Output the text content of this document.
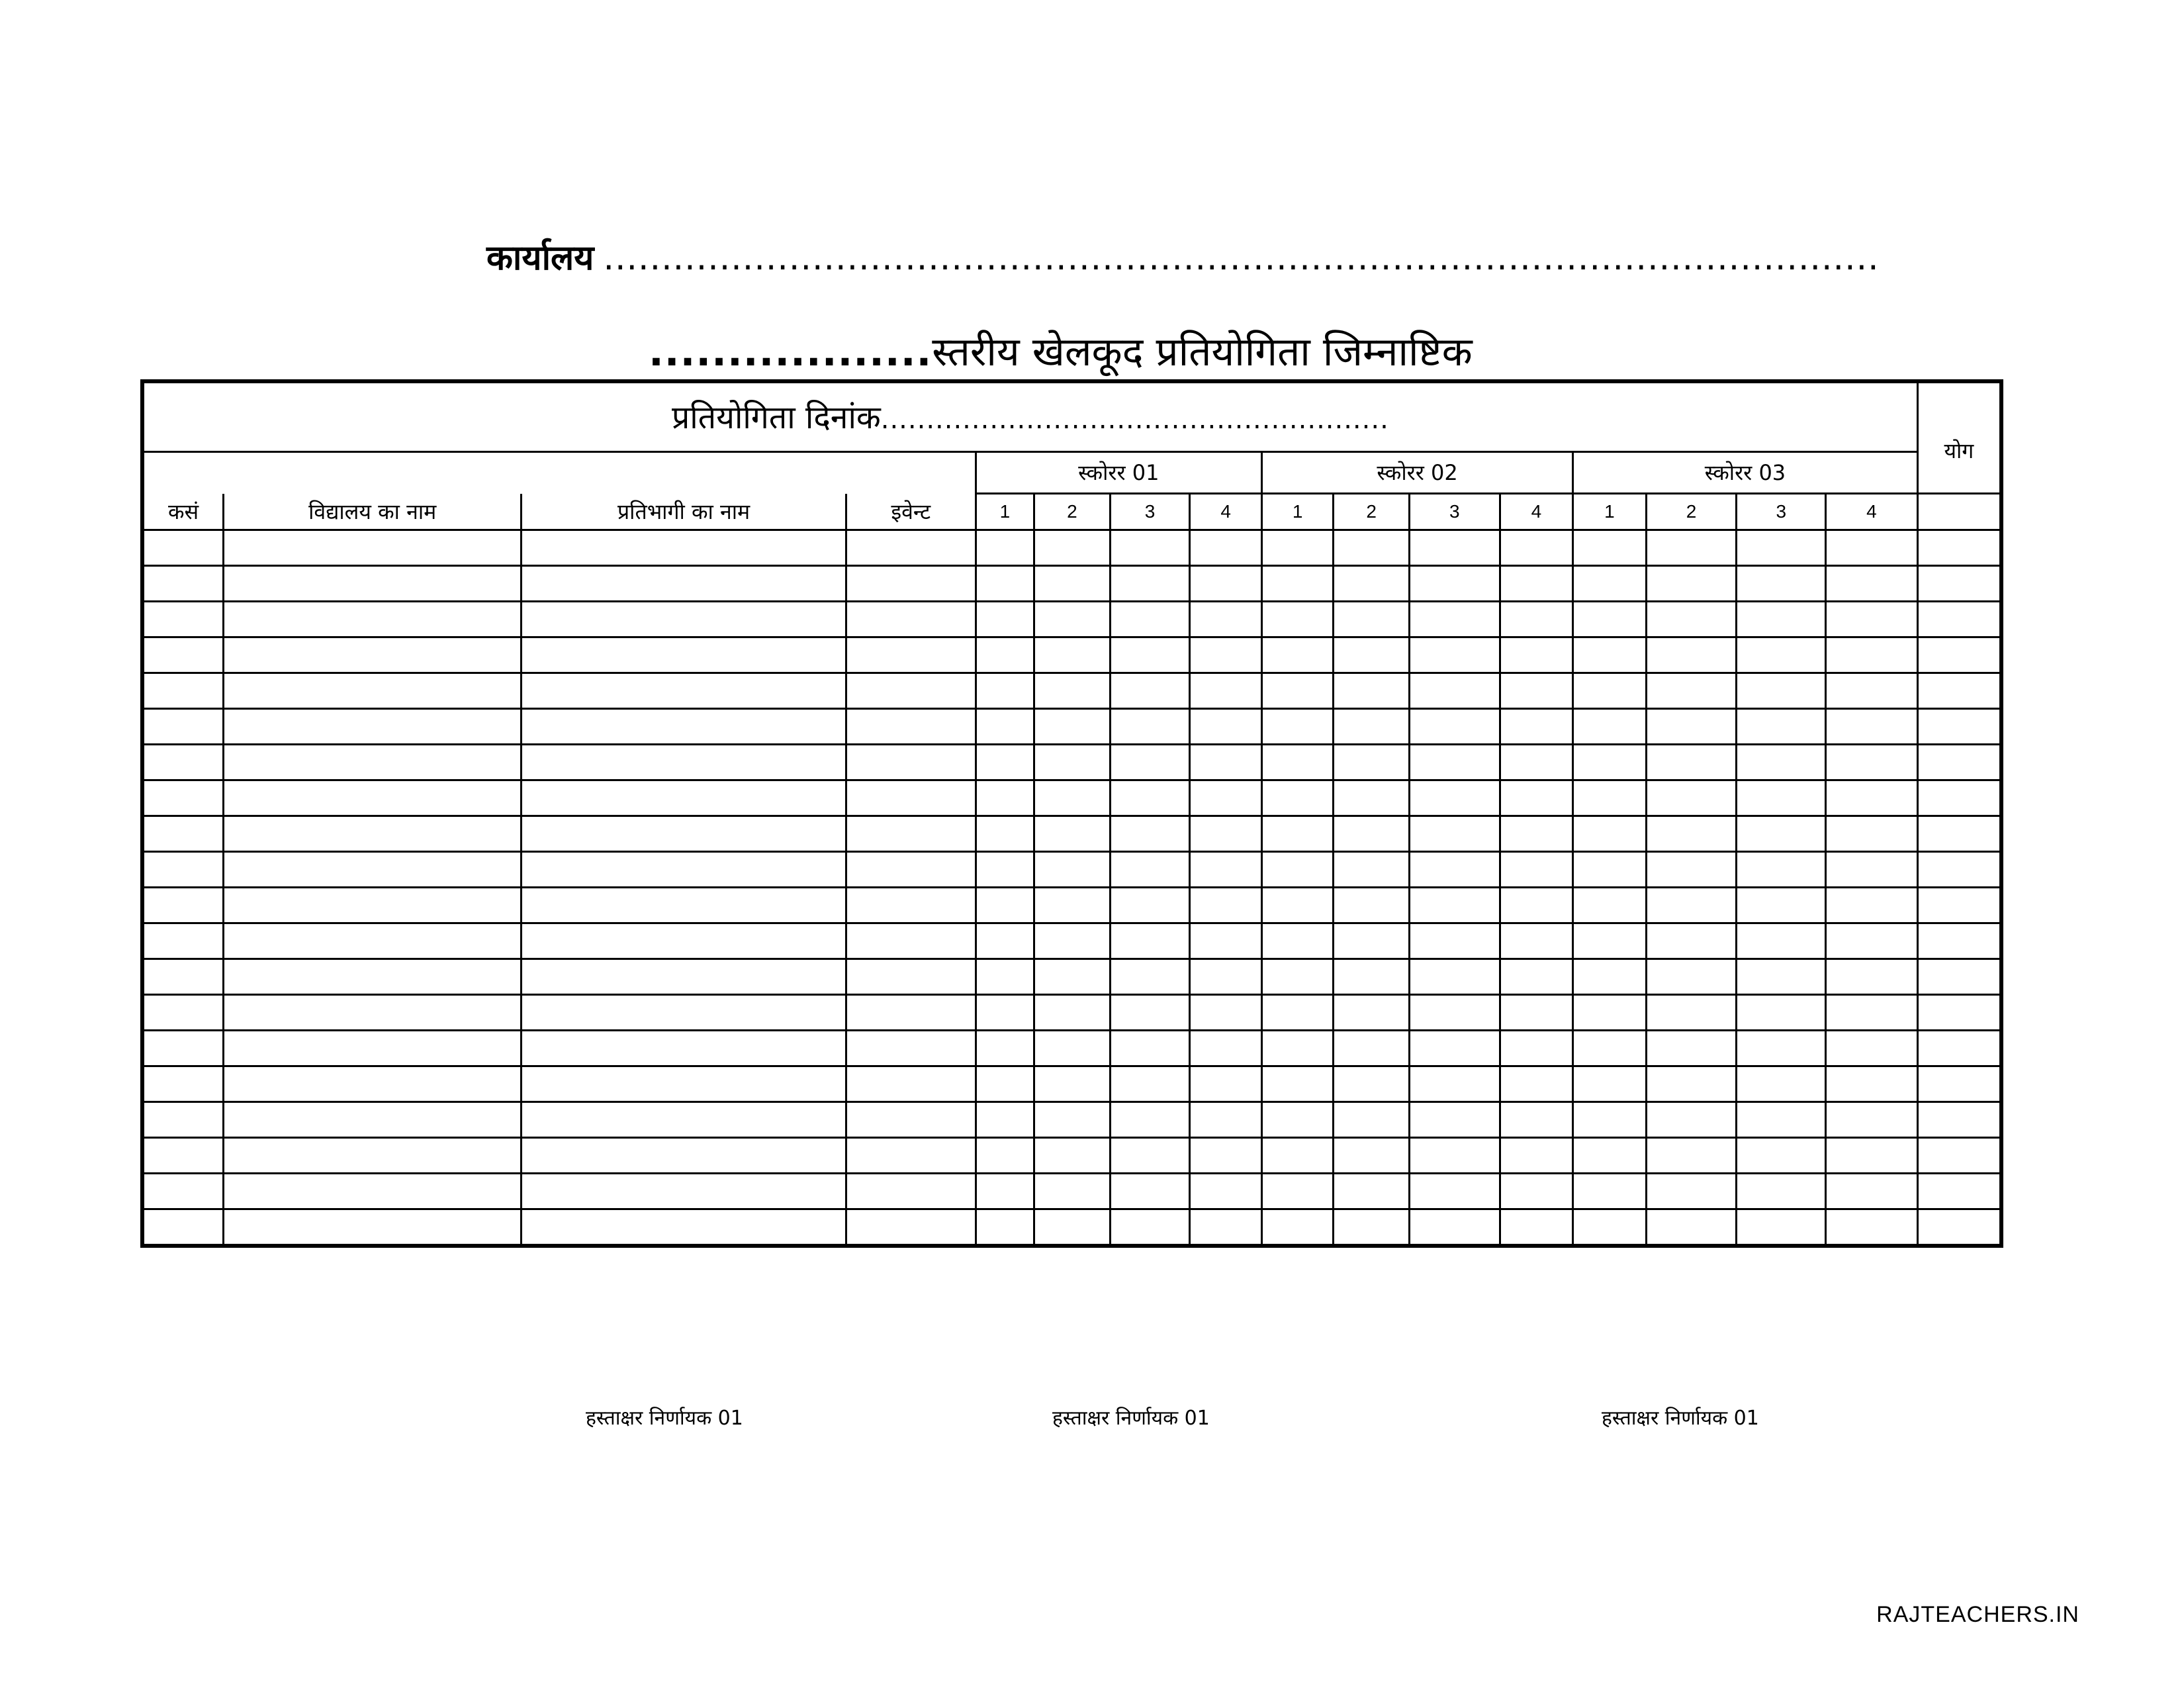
कार्यालय ..............................................................................................................
..................स्तरीय खेलकूद प्रतियोगिता जिम्नाष्टिक
प्रतियोगिता दिनांक........................................................																योग
				स्कोरर 01				स्कोरर 02				स्कोरर 03				
कसं	विद्यालय का नाम	प्रतिभागी का नाम	इवेन्ट	1	2	3	4	1	2	3	4	1	2	3	4	

हस्ताक्षर निर्णायक 01	हस्ताक्षर निर्णायक 01	हस्ताक्षर निर्णायक 01
RAJTEACHERS.IN
